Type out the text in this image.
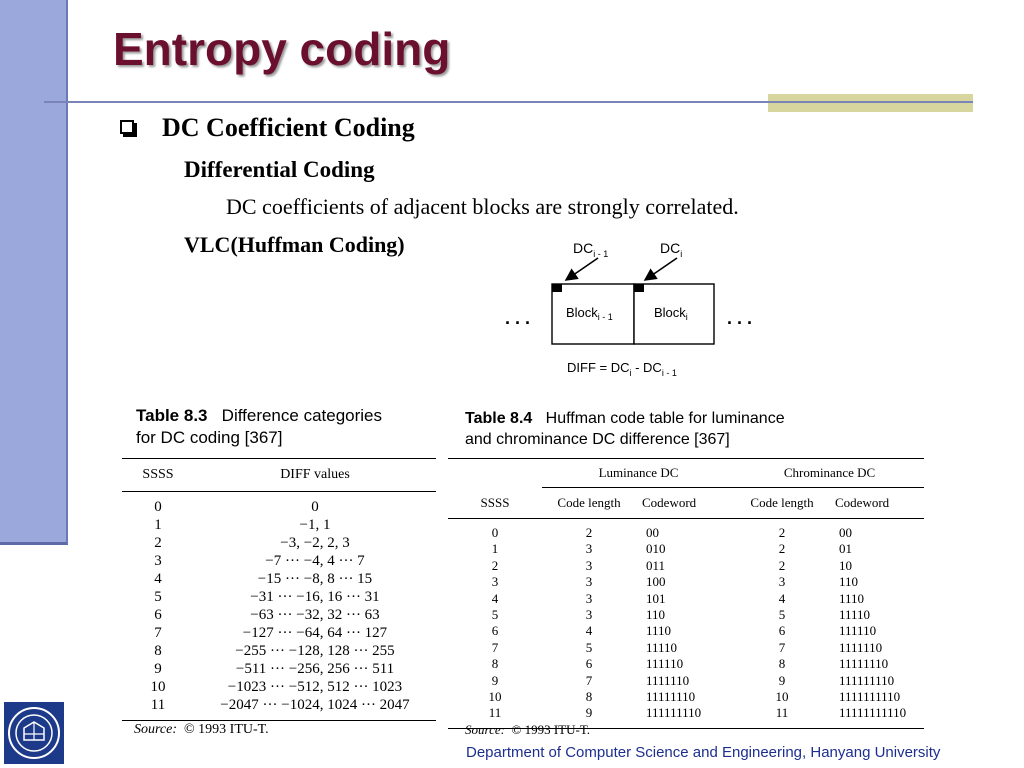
Entropy coding
DC Coefficient Coding
Differential Coding
DC coefficients of adjacent blocks are strongly correlated.
VLC(Huffman Coding)	$DC_{i - 1}$	$DC_i$
Block$_{i - 1}$	Block$_i$
. . .	. . .
DIFF = $DC_i - DC_{i - 1}$
Table 8.3 Difference categories
for DC coding [367]
SSSS	DIFF values
0	0
1	−1, 1
2	−3, −2, 2, 3
3	−7 ··· −4, 4 ··· 7
4	−15 ··· −8, 8 ··· 15
5	−31 ··· −16, 16 ··· 31
6	−63 ··· −32, 32 ··· 63
7	−127 ··· −64, 64 ··· 127
8	−255 ··· −128, 128 ··· 255
9	−511 ··· −256, 256 ··· 511
10	−1023 ··· −512, 512 ··· 1023
11	−2047 ··· −1024, 1024 ··· 2047
Source: © 1993 ITU-T.
Table 8.4 Huffman code table for luminance
and chrominance DC difference [367]
	Luminance DC		Chrominance DC	
SSSS	Code length	Codeword	Code length	Codeword
0	2	00	2	00
1	3	010	2	01
2	3	011	2	10
3	3	100	3	110
4	3	101	4	1110
5	3	110	5	11110
6	4	1110	6	111110
7	5	11110	7	1111110
8	6	111110	8	11111110
9	7	1111110	9	111111110
10	8	11111110	10	1111111110
11	9	111111110	11	11111111110
Source: © 1993 ITU-T.
Department of Computer Science and Engineering, Hanyang University
